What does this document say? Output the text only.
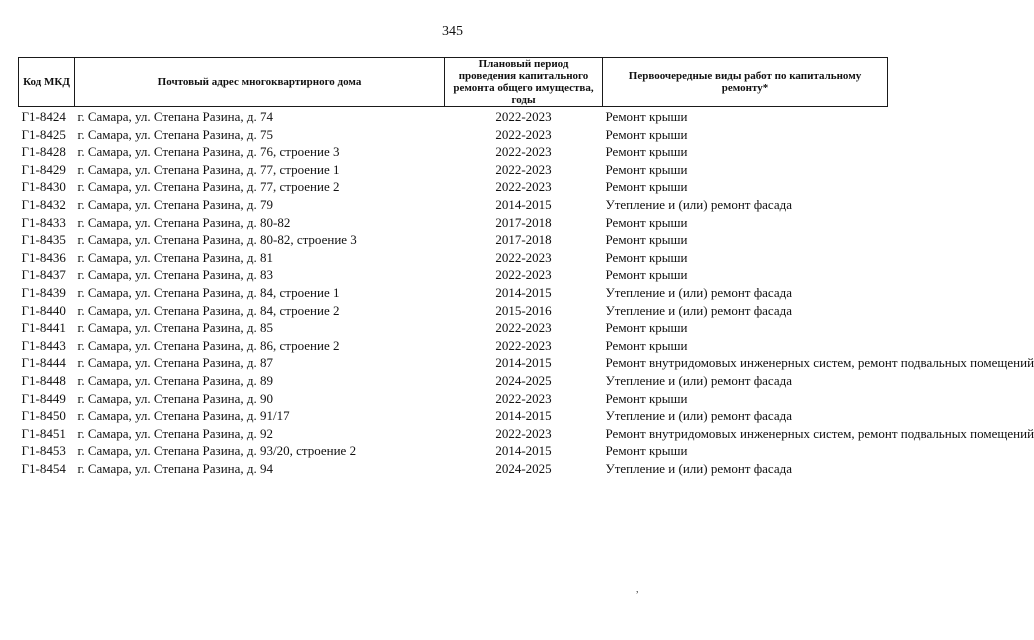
345
Код МКД	Почтовый адрес многоквартирного дома	Плановый период проведения капитального ремонта общего имущества, годы	Первоочередные виды работ по капитальному ремонту*
Г1-8424	г. Самара, ул. Степана Разина, д. 74	2022-2023	Ремонт крыши
Г1-8425	г. Самара, ул. Степана Разина, д. 75	2022-2023	Ремонт крыши
Г1-8428	г. Самара, ул. Степана Разина, д. 76, строение 3	2022-2023	Ремонт крыши
Г1-8429	г. Самара, ул. Степана Разина, д. 77, строение 1	2022-2023	Ремонт крыши
Г1-8430	г. Самара, ул. Степана Разина, д. 77, строение 2	2022-2023	Ремонт крыши
Г1-8432	г. Самара, ул. Степана Разина, д. 79	2014-2015	Утепление и (или) ремонт фасада
Г1-8433	г. Самара, ул. Степана Разина, д. 80-82	2017-2018	Ремонт крыши
Г1-8435	г. Самара, ул. Степана Разина, д. 80-82, строение 3	2017-2018	Ремонт крыши
Г1-8436	г. Самара, ул. Степана Разина, д. 81	2022-2023	Ремонт крыши
Г1-8437	г. Самара, ул. Степана Разина, д. 83	2022-2023	Ремонт крыши
Г1-8439	г. Самара, ул. Степана Разина, д. 84, строение 1	2014-2015	Утепление и (или) ремонт фасада
Г1-8440	г. Самара, ул. Степана Разина, д. 84, строение 2	2015-2016	Утепление и (или) ремонт фасада
Г1-8441	г. Самара, ул. Степана Разина, д. 85	2022-2023	Ремонт крыши
Г1-8443	г. Самара, ул. Степана Разина, д. 86, строение 2	2022-2023	Ремонт крыши
Г1-8444	г. Самара, ул. Степана Разина, д. 87	2014-2015	Ремонт внутридомовых инженерных систем, ремонт подвальных помещений
Г1-8448	г. Самара, ул. Степана Разина, д. 89	2024-2025	Утепление и (или) ремонт фасада
Г1-8449	г. Самара, ул. Степана Разина, д. 90	2022-2023	Ремонт крыши
Г1-8450	г. Самара, ул. Степана Разина, д. 91/17	2014-2015	Утепление и (или) ремонт фасада
Г1-8451	г. Самара, ул. Степана Разина, д. 92	2022-2023	Ремонт внутридомовых инженерных систем, ремонт подвальных помещений
Г1-8453	г. Самара, ул. Степана Разина, д. 93/20, строение 2	2014-2015	Ремонт крыши
Г1-8454	г. Самара, ул. Степана Разина, д. 94	2024-2025	Утепление и (или) ремонт фасада
,
